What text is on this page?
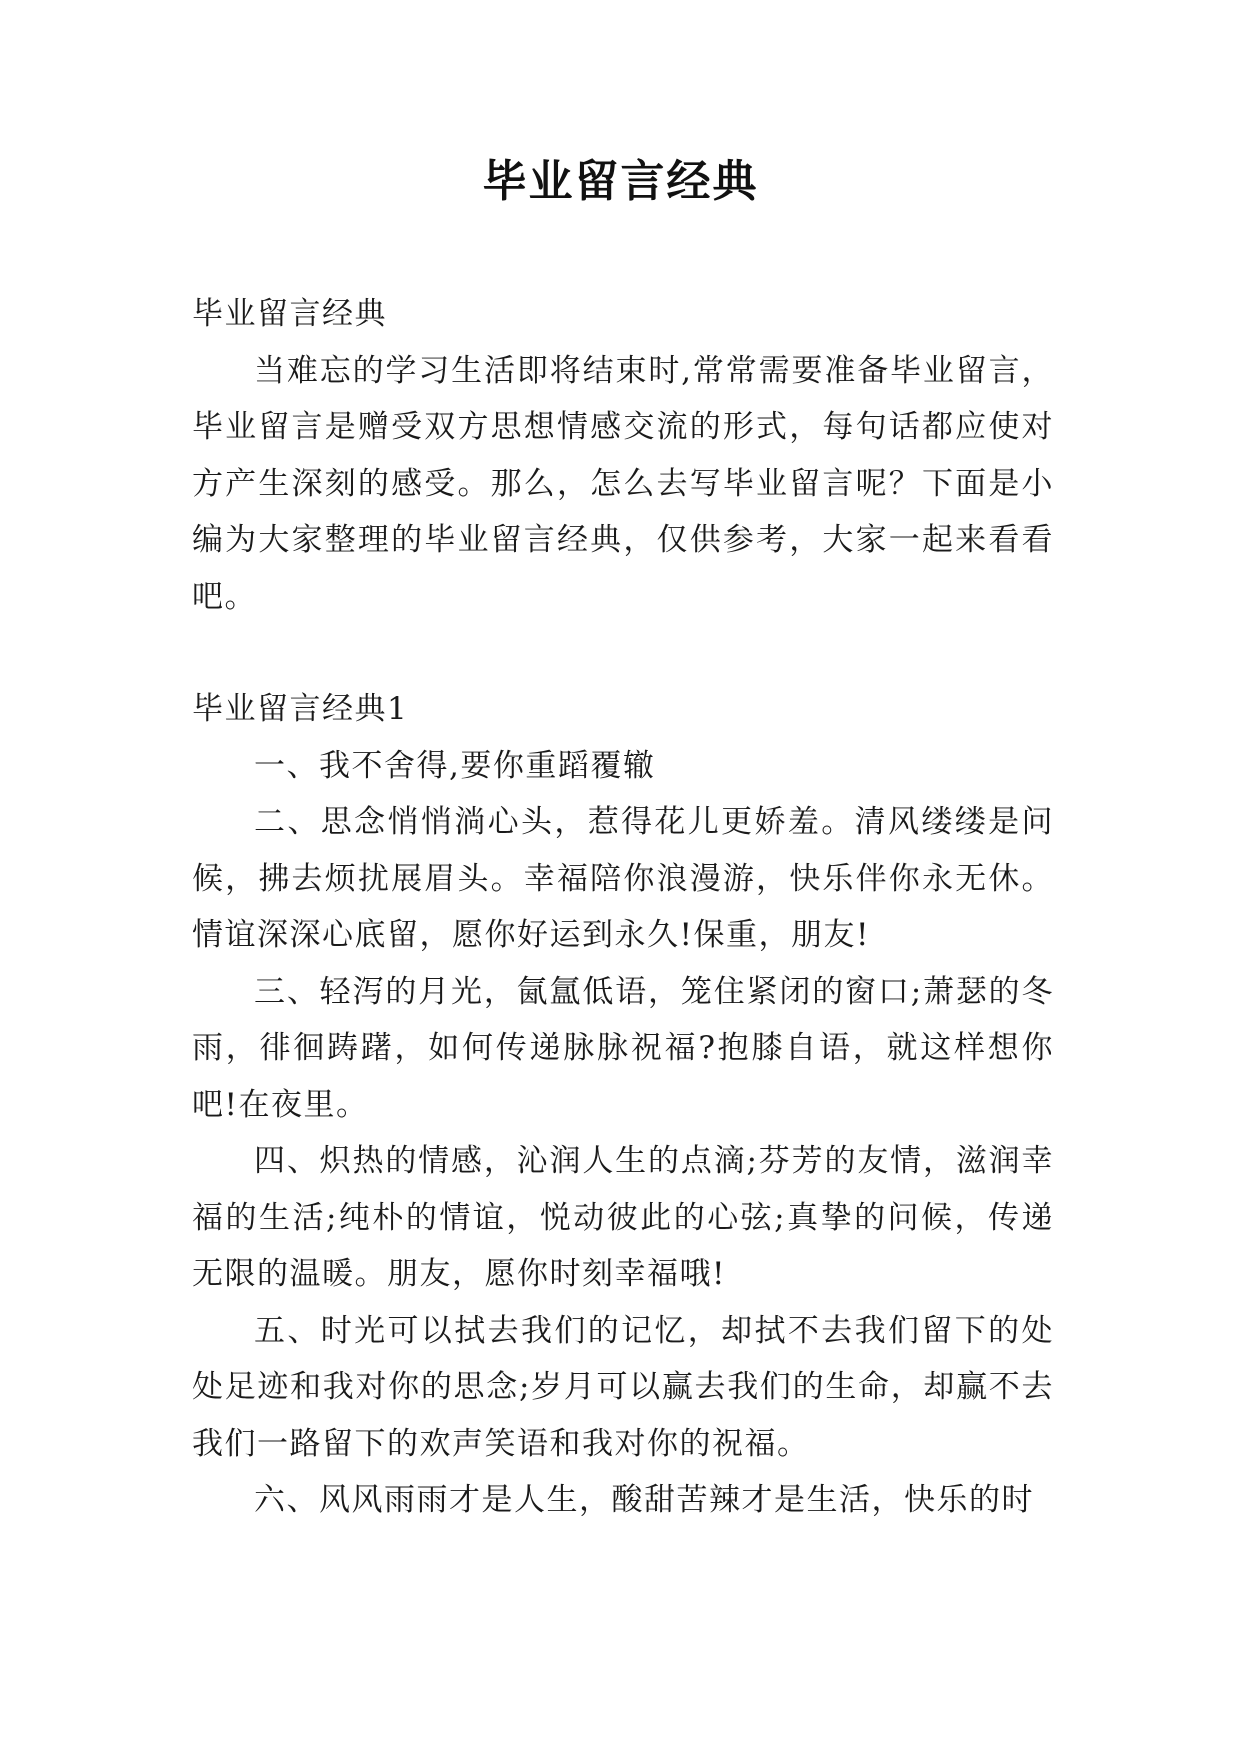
毕业留言经典

毕业留言经典

当难忘的学习生活即将结束时,常常需要准备毕业留言，毕业留言是赠受双方思想情感交流的形式，每句话都应使对方产生深刻的感受。那么，怎么去写毕业留言呢？下面是小编为大家整理的毕业留言经典，仅供参考，大家一起来看看吧。

毕业留言经典1

一、我不舍得,要你重蹈覆辙

二、思念悄悄淌心头，惹得花儿更娇羞。清风缕缕是问候，拂去烦扰展眉头。幸福陪你浪漫游，快乐伴你永无休。情谊深深心底留，愿你好运到永久!保重，朋友!

三、轻泻的月光，氤氲低语，笼住紧闭的窗口;萧瑟的冬雨，徘徊踌躇，如何传递脉脉祝福?抱膝自语，就这样想你吧!在夜里。

四、炽热的情感，沁润人生的点滴;芬芳的友情，滋润幸福的生活;纯朴的情谊，悦动彼此的心弦;真挚的问候，传递无限的温暖。朋友，愿你时刻幸福哦!

五、时光可以拭去我们的记忆，却拭不去我们留下的处处足迹和我对你的思念;岁月可以赢去我们的生命，却赢不去我们一路留下的欢声笑语和我对你的祝福。

六、风风雨雨才是人生，酸甜苦辣才是生活，快乐的时
